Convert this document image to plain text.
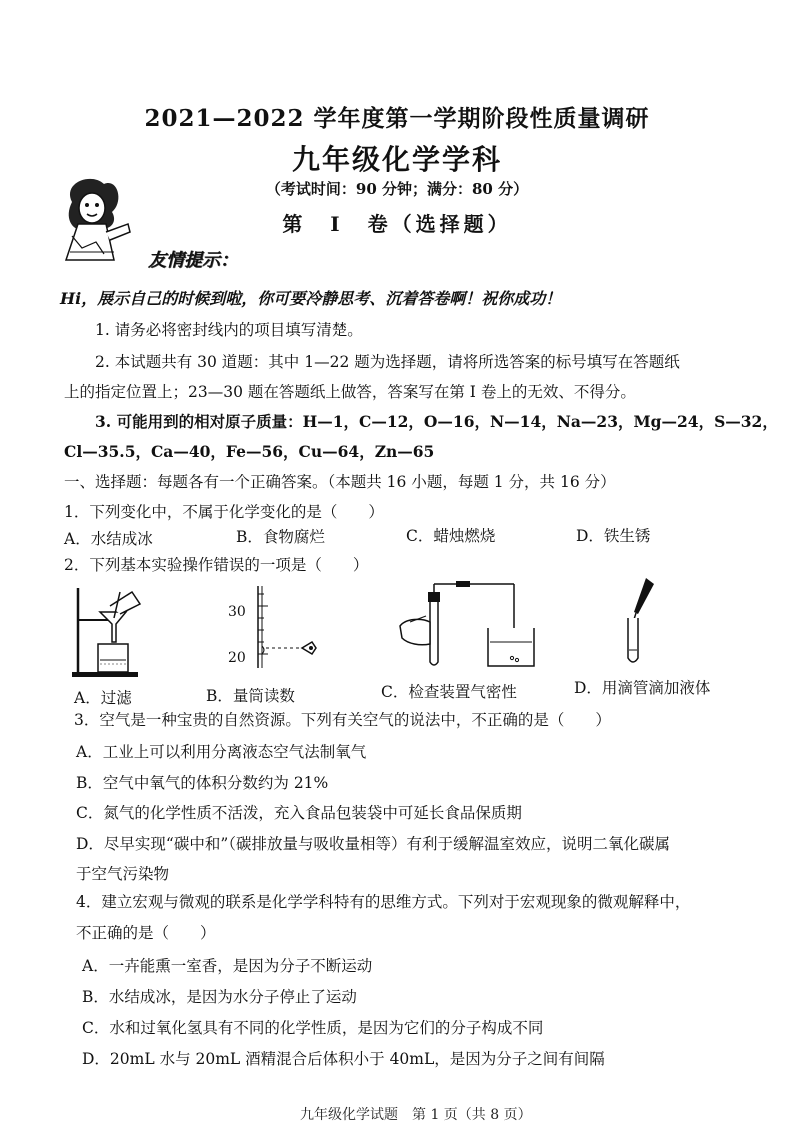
2021—2022 学年度第一学期阶段性质量调研
九年级化学学科
（考试时间：90 分钟；满分：80 分）
第　I　卷（选择题）
友情提示：
Hi，展示自己的时候到啦，你可要冷静思考、沉着答卷啊！祝你成功！
1. 请务必将密封线内的项目填写清楚。
2. 本试题共有 30 道题：其中 1—22 题为选择题，请将所选答案的标号填写在答题纸
上的指定位置上；23—30 题在答题纸上做答，答案写在第 I 卷上的无效、不得分。
3. 可能用到的相对原子质量：H—1，C—12，O—16，N—14，Na—23，Mg—24，S—32，
Cl—35.5，Ca—40，Fe—56，Cu—64，Zn—65
一、选择题：每题各有一个正确答案。（本题共 16 小题，每题 1 分，共 16 分）
1．下列变化中，不属于化学变化的是（　　）
A．水结成冰	B．食物腐烂	C．蜡烛燃烧	D．铁生锈
2．下列基本实验操作错误的一项是（　　）
30
20
A．过滤	B．量筒读数	C．检查装置气密性	D．用滴管滴加液体
3．空气是一种宝贵的自然资源。下列有关空气的说法中，不正确的是（　　）
A．工业上可以利用分离液态空气法制氧气
B．空气中氧气的体积分数约为 21%
C．氮气的化学性质不活泼，充入食品包装袋中可延长食品保质期
D．尽早实现“碳中和”（碳排放量与吸收量相等）有利于缓解温室效应，说明二氧化碳属
于空气污染物
4．建立宏观与微观的联系是化学学科特有的思维方式。下列对于宏观现象的微观解释中，
不正确的是（　　）
A．一卉能熏一室香，是因为分子不断运动
B．水结成冰，是因为水分子停止了运动
C．水和过氧化氢具有不同的化学性质，是因为它们的分子构成不同
D．20mL 水与 20mL 酒精混合后体积小于 40mL，是因为分子之间有间隔
九年级化学试题　第 1 页（共 8 页）
